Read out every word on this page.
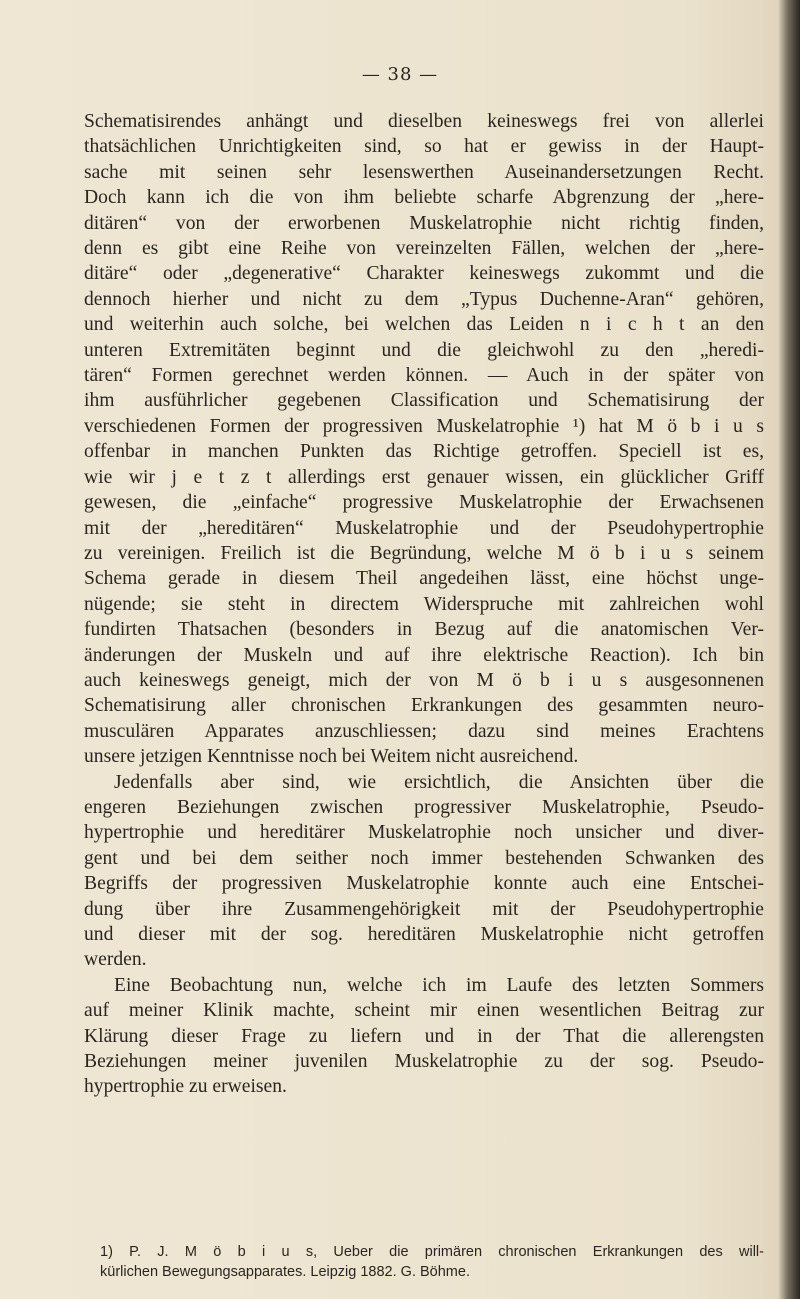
— 38 —
Schematisirendes anhängt und dieselben keineswegs frei von allerlei
thatsächlichen Unrichtigkeiten sind, so hat er gewiss in der Haupt-
sache mit seinen sehr lesenswerthen Auseinandersetzungen Recht.
Doch kann ich die von ihm beliebte scharfe Abgrenzung der „here-
ditären“ von der erworbenen Muskelatrophie nicht richtig finden,
denn es gibt eine Reihe von vereinzelten Fällen, welchen der „here-
ditäre“ oder „degenerative“ Charakter keineswegs zukommt und die
dennoch hierher und nicht zu dem „Typus Duchenne-Aran“ gehören,
und weiterhin auch solche, bei welchen das Leiden n i c h t an den
unteren Extremitäten beginnt und die gleichwohl zu den „heredi-
tären“ Formen gerechnet werden können. — Auch in der später von
ihm ausführlicher gegebenen Classification und Schematisirung der
verschiedenen Formen der progressiven Muskelatrophie ¹) hat M ö b i u s
offenbar in manchen Punkten das Richtige getroffen. Speciell ist es,
wie wir j e t z t allerdings erst genauer wissen, ein glücklicher Griff
gewesen, die „einfache“ progressive Muskelatrophie der Erwachsenen
mit der „hereditären“ Muskelatrophie und der Pseudohypertrophie
zu vereinigen. Freilich ist die Begründung, welche M ö b i u s seinem
Schema gerade in diesem Theil angedeihen lässt, eine höchst unge-
nügende; sie steht in directem Widerspruche mit zahlreichen wohl
fundirten Thatsachen (besonders in Bezug auf die anatomischen Ver-
änderungen der Muskeln und auf ihre elektrische Reaction). Ich bin
auch keineswegs geneigt, mich der von M ö b i u s ausgesonnenen
Schematisirung aller chronischen Erkrankungen des gesammten neuro-
musculären Apparates anzuschliessen; dazu sind meines Erachtens
unsere jetzigen Kenntnisse noch bei Weitem nicht ausreichend.
Jedenfalls aber sind, wie ersichtlich, die Ansichten über die
engeren Beziehungen zwischen progressiver Muskelatrophie, Pseudo-
hypertrophie und hereditärer Muskelatrophie noch unsicher und diver-
gent und bei dem seither noch immer bestehenden Schwanken des
Begriffs der progressiven Muskelatrophie konnte auch eine Entschei-
dung über ihre Zusammengehörigkeit mit der Pseudohypertrophie
und dieser mit der sog. hereditären Muskelatrophie nicht getroffen
werden.
Eine Beobachtung nun, welche ich im Laufe des letzten Sommers
auf meiner Klinik machte, scheint mir einen wesentlichen Beitrag zur
Klärung dieser Frage zu liefern und in der That die allerengsten
Beziehungen meiner juvenilen Muskelatrophie zu der sog. Pseudo-
hypertrophie zu erweisen.
1) P. J. M ö b i u s, Ueber die primären chronischen Erkrankungen des will-
kürlichen Bewegungsapparates. Leipzig 1882. G. Böhme.
